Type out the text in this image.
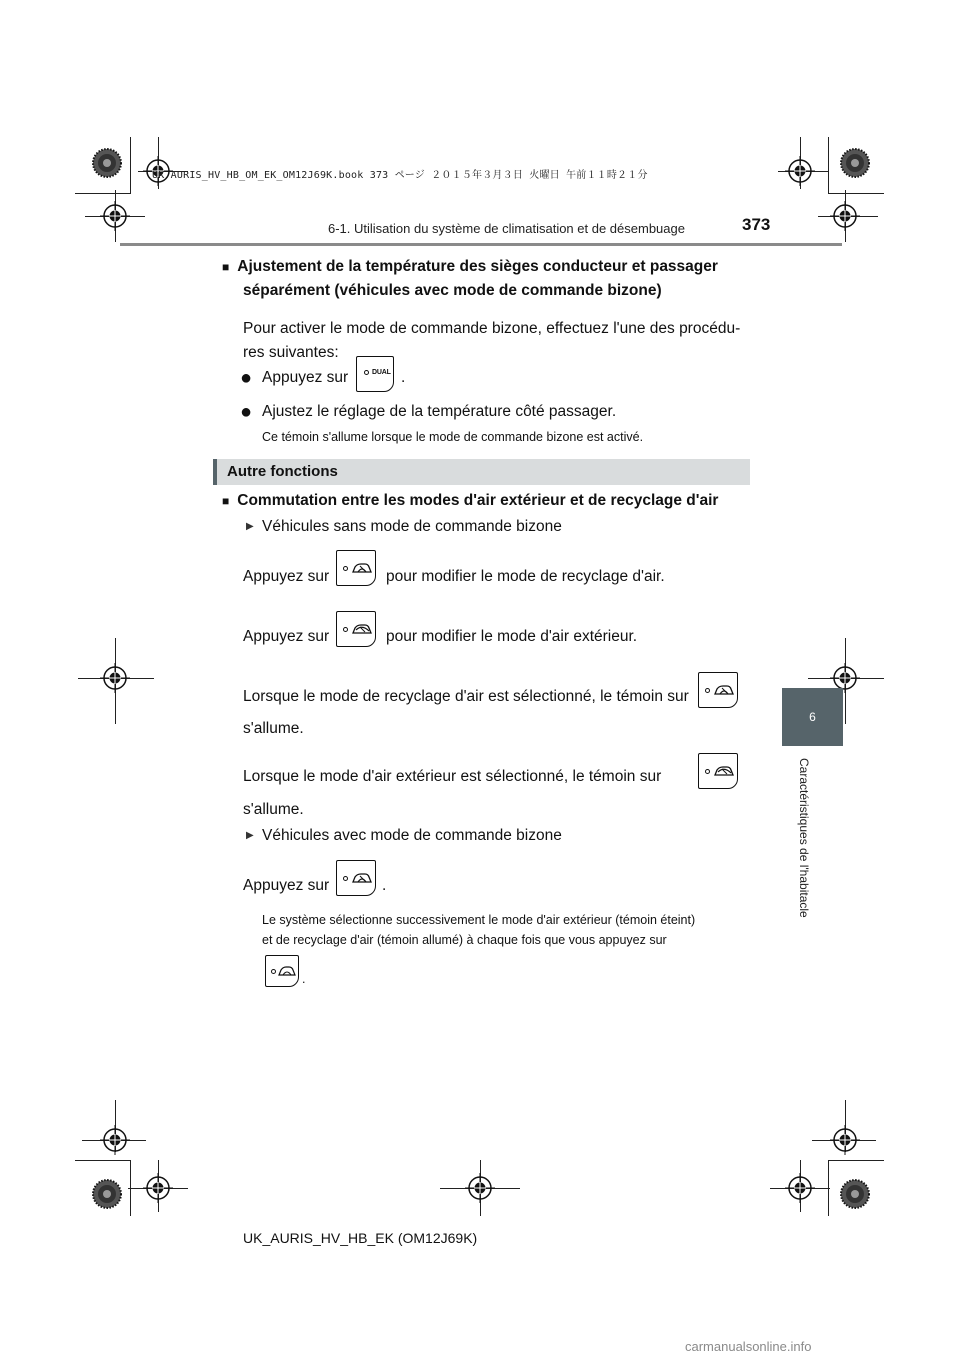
UK AURIS_HV_HB_OM_EK_OM12J69K.book 373 ページ ２０１５年３月３日 火曜日 午前１１時２１分
6-1. Utilisation du système de climatisation et de désembuage	373
6
Caractéristiques de l'habitacle
■ Ajustement de la température des sièges conducteur et passager
séparément (véhicules avec mode de commande bizone)
Pour activer le mode de commande bizone, effectuez l'une des procédu-
res suivantes:
● Appuyez sur	DUAL .
● Ajustez le réglage de la température côté passager.
Ce témoin s'allume lorsque le mode de commande bizone est activé.
Autre fonctions
■ Commutation entre les modes d'air extérieur et de recyclage d'air
▶ Véhicules sans mode de commande bizone
Appuyez sur	pour modifier le mode de recyclage d'air.
Appuyez sur	pour modifier le mode d'air extérieur.
Lorsque le mode de recyclage d'air est sélectionné, le témoin sur
s'allume.
Lorsque le mode d'air extérieur est sélectionné, le témoin sur
s'allume.
▶ Véhicules avec mode de commande bizone
Appuyez sur	.
Le système sélectionne successivement le mode d'air extérieur (témoin éteint)
et de recyclage d'air (témoin allumé) à chaque fois que vous appuyez sur
.
UK_AURIS_HV_HB_EK (OM12J69K)
carmanualsonline.info
